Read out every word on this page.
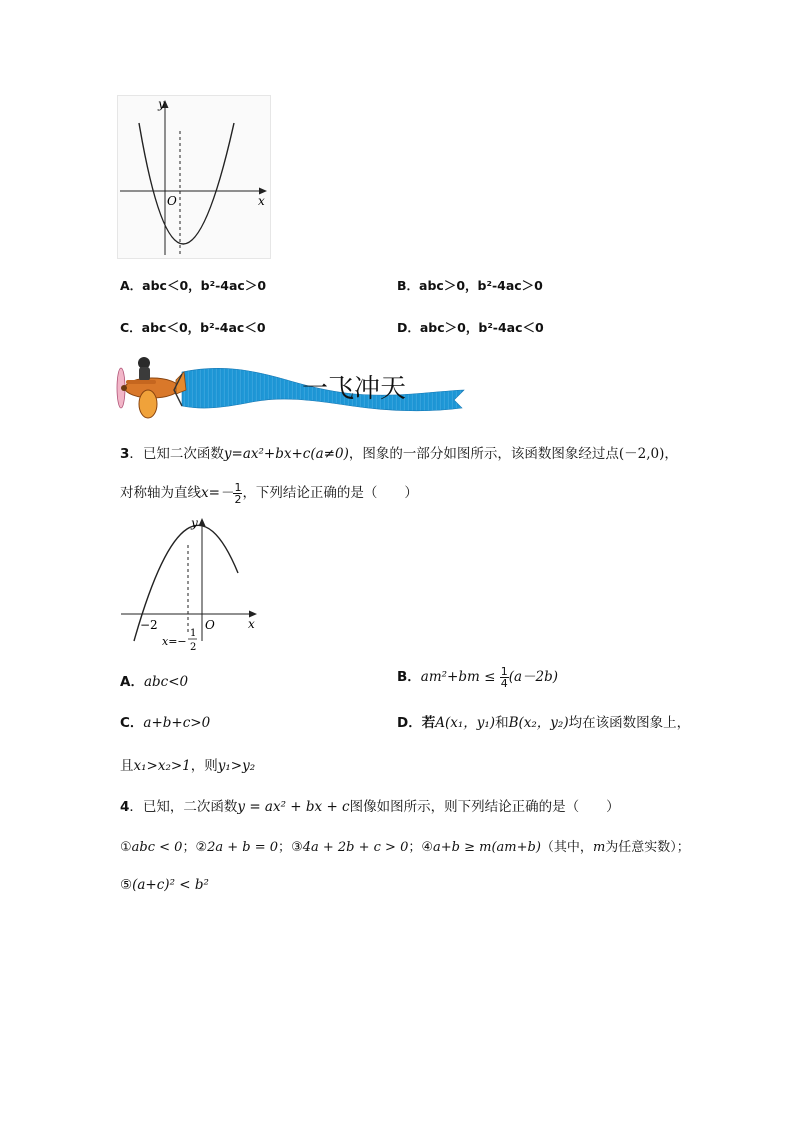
y
x
O
A．abc＜0，b²-4ac＞0	B．abc＞0，b²-4ac＞0
C．abc＜0，b²-4ac＜0	D．abc＞0，b²-4ac＜0
一飞冲天
3．已知二次函数y=ax²+bx+c(a≠0)，图象的一部分如图所示，该函数图象经过点(－2,0)，
对称轴为直线$x=- \frac{1}{2}$ ，下列结论正确的是（　　）
y
x
O
−2
x=−
1
2
A．abc<0	B．$am^2+bm \le \frac{1}{4} (a-2b)$
C．a+b+c>0	D．若A(x₁，y₁)和B(x₂，y₂)均在该函数图象上，
且x₁>x₂>1，则y₁>y₂
4．已知，二次函数y = ax² + bx + c图像如图所示，则下列结论正确的是（　　）
①abc < 0；②2a + b = 0；③4a + 2b + c > 0；④a+b ≥ m(am+b)（其中，m为任意实数）；
⑤(a+c)² < b²
